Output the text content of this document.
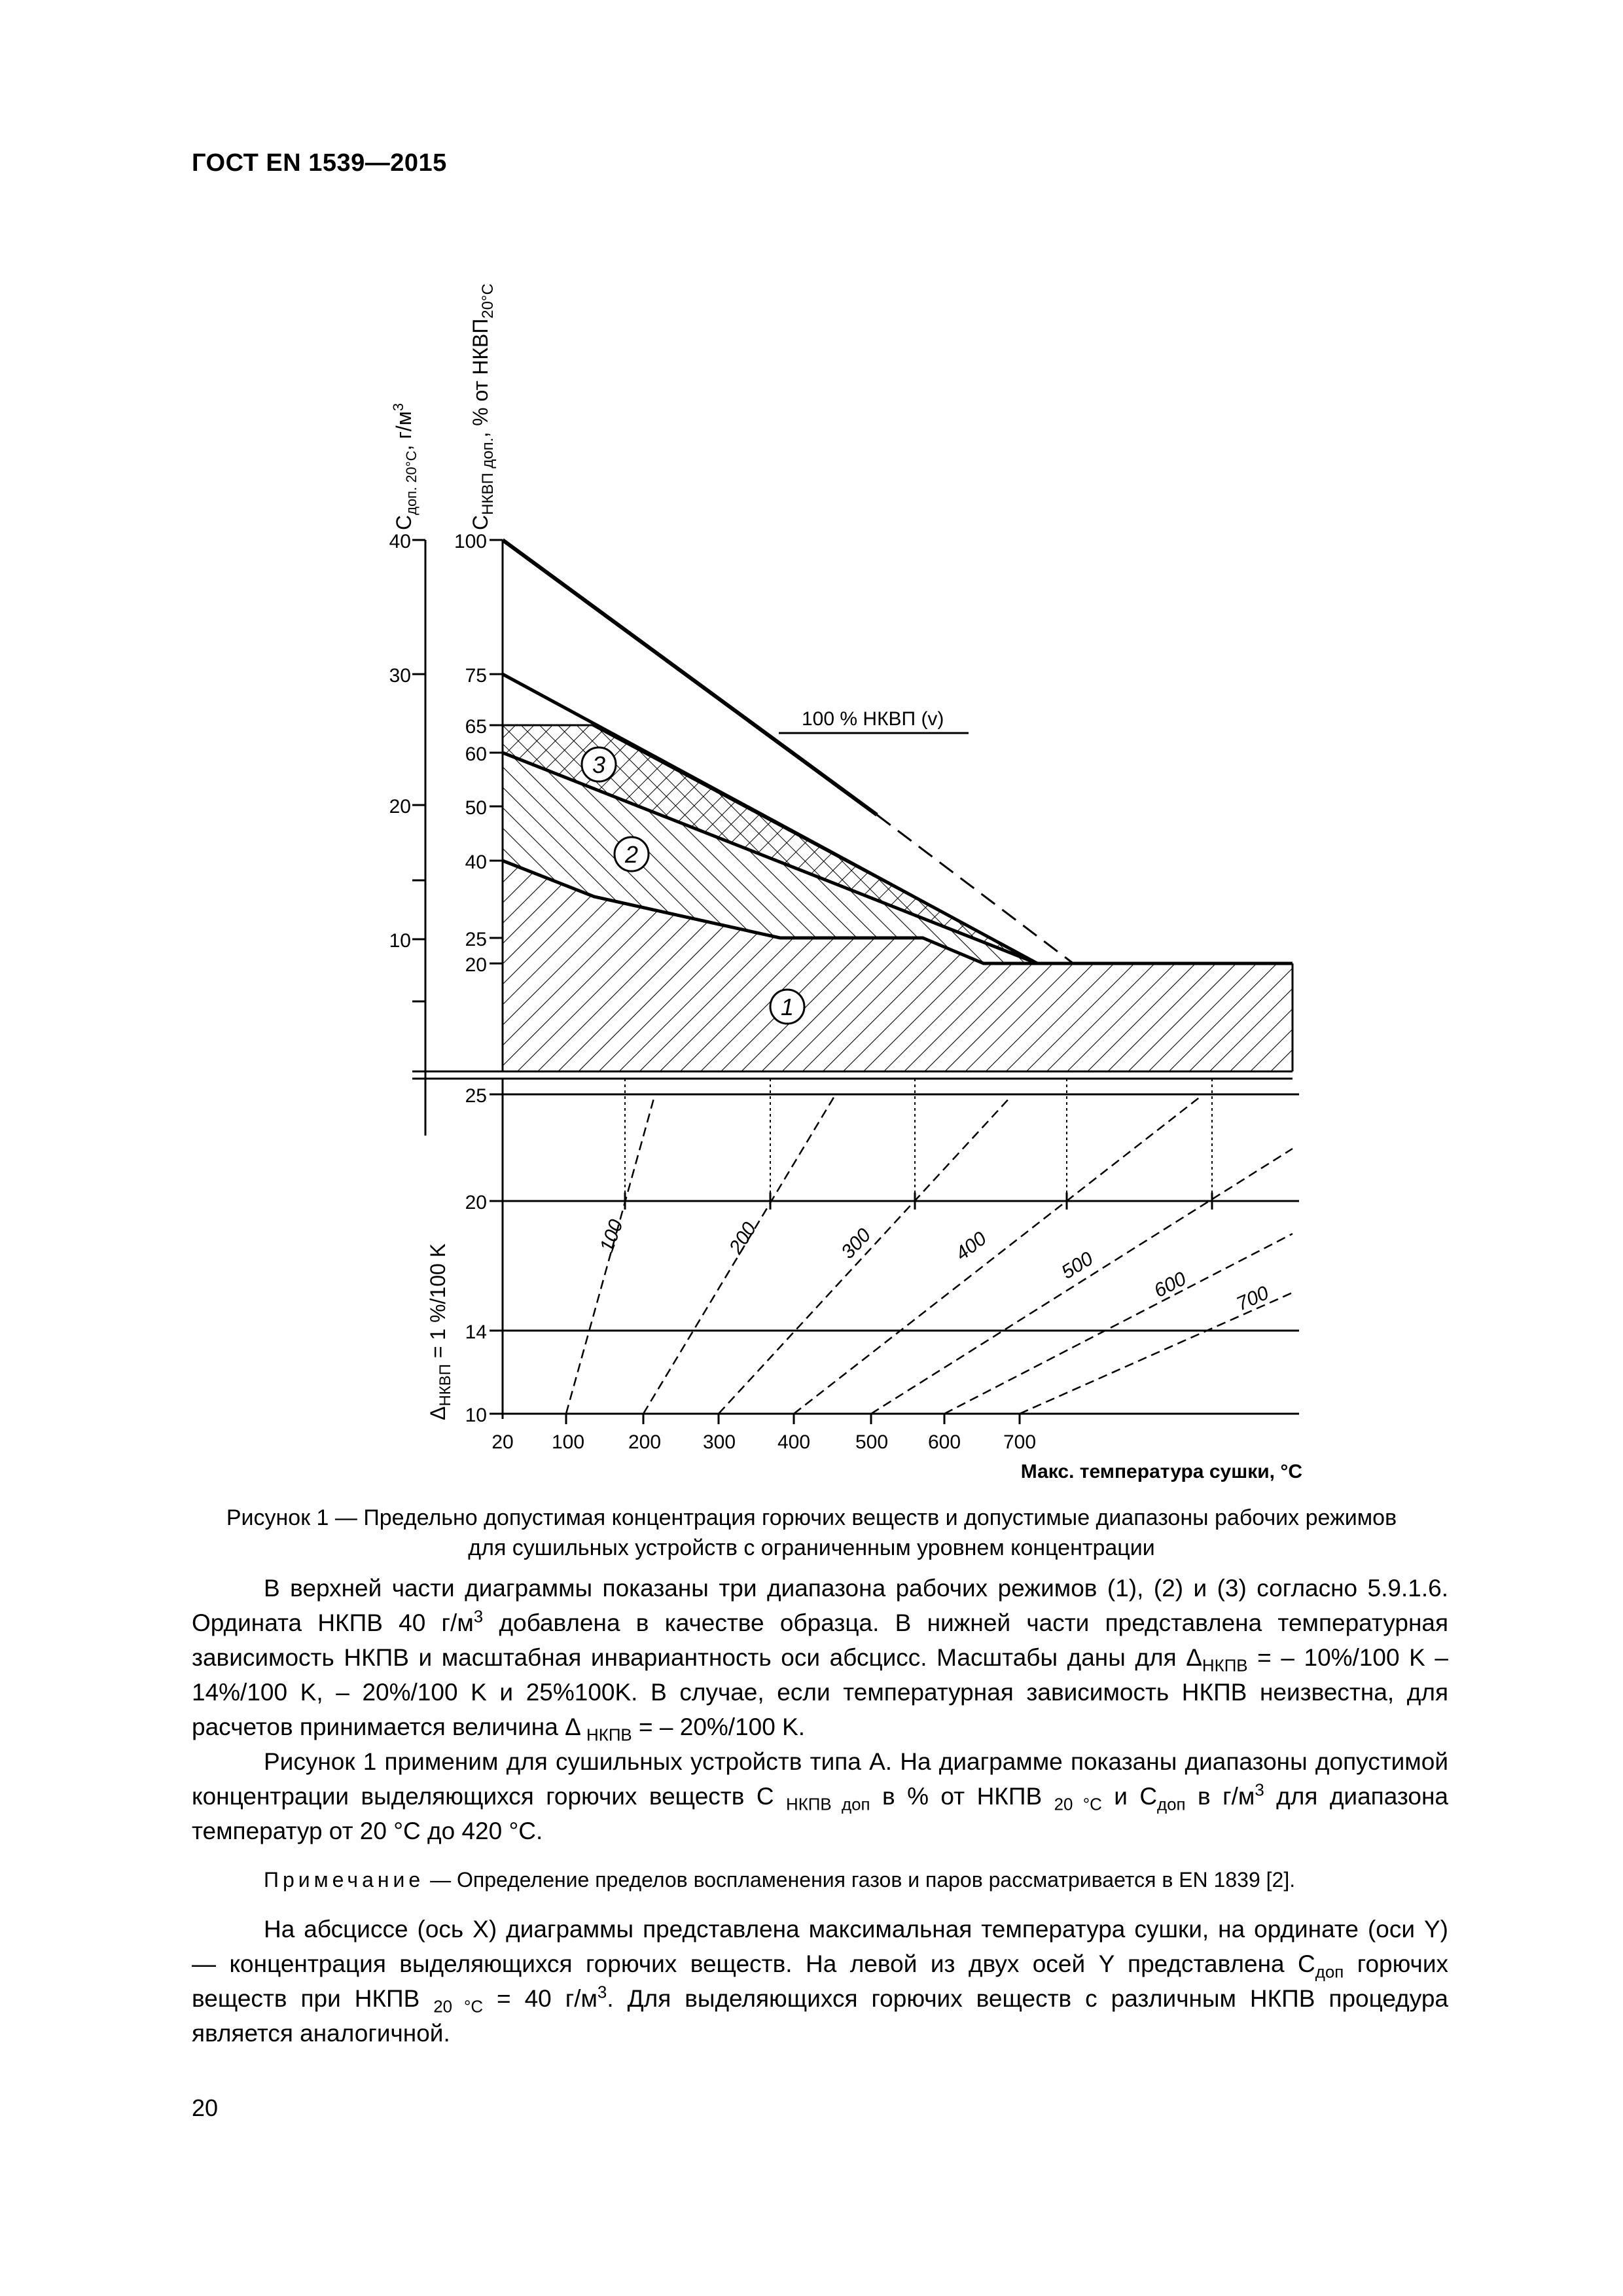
ГОСТ EN 1539—2015
100 % НКВП (v)
3
2
1
40
30
20
10
100
75
65
60
50
40
25
20
$C_{доп. 20^\circ C}$, $г/м^3$
$C_{НКВП доп.}$, % от $НКВП_{20^\circ C}$
100	200	300	400
500
600 700
25
20
14
10
$\Delta_{НКВП} = 1$ %/100 K
20 100 200 300 400 500 600 700
Макс. температура сушки, °C
Рисунок 1 — Предельно допустимая концентрация горючих веществ и допустимые диапазоны рабочих режимов
для сушильных устройств с ограниченным уровнем концентрации

В верхней части диаграммы показаны три диапазона рабочих режимов (1), (2) и (3) согласно 5.9.1.6. Ордината НКПВ 40 $г/м^3$ добавлена в качестве образца. В нижней части представлена температурная зависимость НКПВ и масштабная инвариантность оси абсцисс. Масштабы даны для $\Delta_{НКПВ}$ = – 10%/100 K – 14%/100 K, – 20%/100 K и 25%100K. В случае, если температурная зависимость НКПВ неизвестна, для расчетов принимается величина Δ $_{НКПВ}$ = – 20%/100 K.

Рисунок 1 применим для сушильных устройств типа А. На диаграмме показаны диапазоны допустимой концентрации выделяющихся горючих веществ C $_{НКПВ доп}$ в % от НКПВ $_{20 ^\circ C}$ и $C_{доп}$ в $г/м^3$ для диапазона температур от 20 °C до 420 °C.

Примечание — Определение пределов воспламенения газов и паров рассматривается в EN 1839 [2].

На абсциссе (ось X) диаграммы представлена максимальная температура сушки, на ординате (оси Y) — концентрация выделяющихся горючих веществ. На левой из двух осей Y представлена $C_{доп}$ горючих веществ при НКПВ $_{20 ^\circ C}$ = 40 $г/м^3$. Для выделяющихся горючих веществ с различным НКПВ процедура является аналогичной.

20
